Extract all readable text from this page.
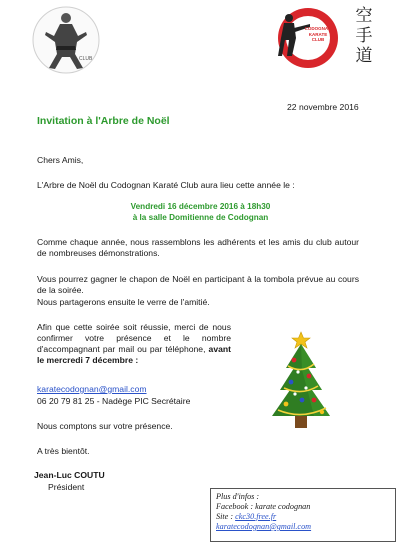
CLUB
CODOGNAN
KARATE
CLUB
空
手
道
22 novembre 2016
Invitation à l'Arbre de Noël
Chers Amis,
L'Arbre de Noël du Codognan Karaté Club aura lieu cette année le :
Vendredi 16 décembre 2016 à 18h30
à la salle Domitienne de Codognan
Comme chaque année, nous rassemblons les adhérents et les amis du club autour de nombreuses démonstrations.
Vous pourrez gagner le chapon de Noël en participant à la tombola prévue au cours de la soirée.
Nous partagerons ensuite le verre de l'amitié.
Afin que cette soirée soit réussie, merci de nous confirmer votre présence et le nombre d'accompagnant par mail ou par téléphone, avant le mercredi 7 décembre :
karatecodognan@gmail.com
06 20 79 81 25 - Nadège PIC Secrétaire
Nous comptons sur votre présence.
A très bientôt.
Jean-Luc COUTU
Président
Plus d'infos :
Facebook : karate codognan
Site : ckc30.free.fr
karatecodognan@gmail.com
